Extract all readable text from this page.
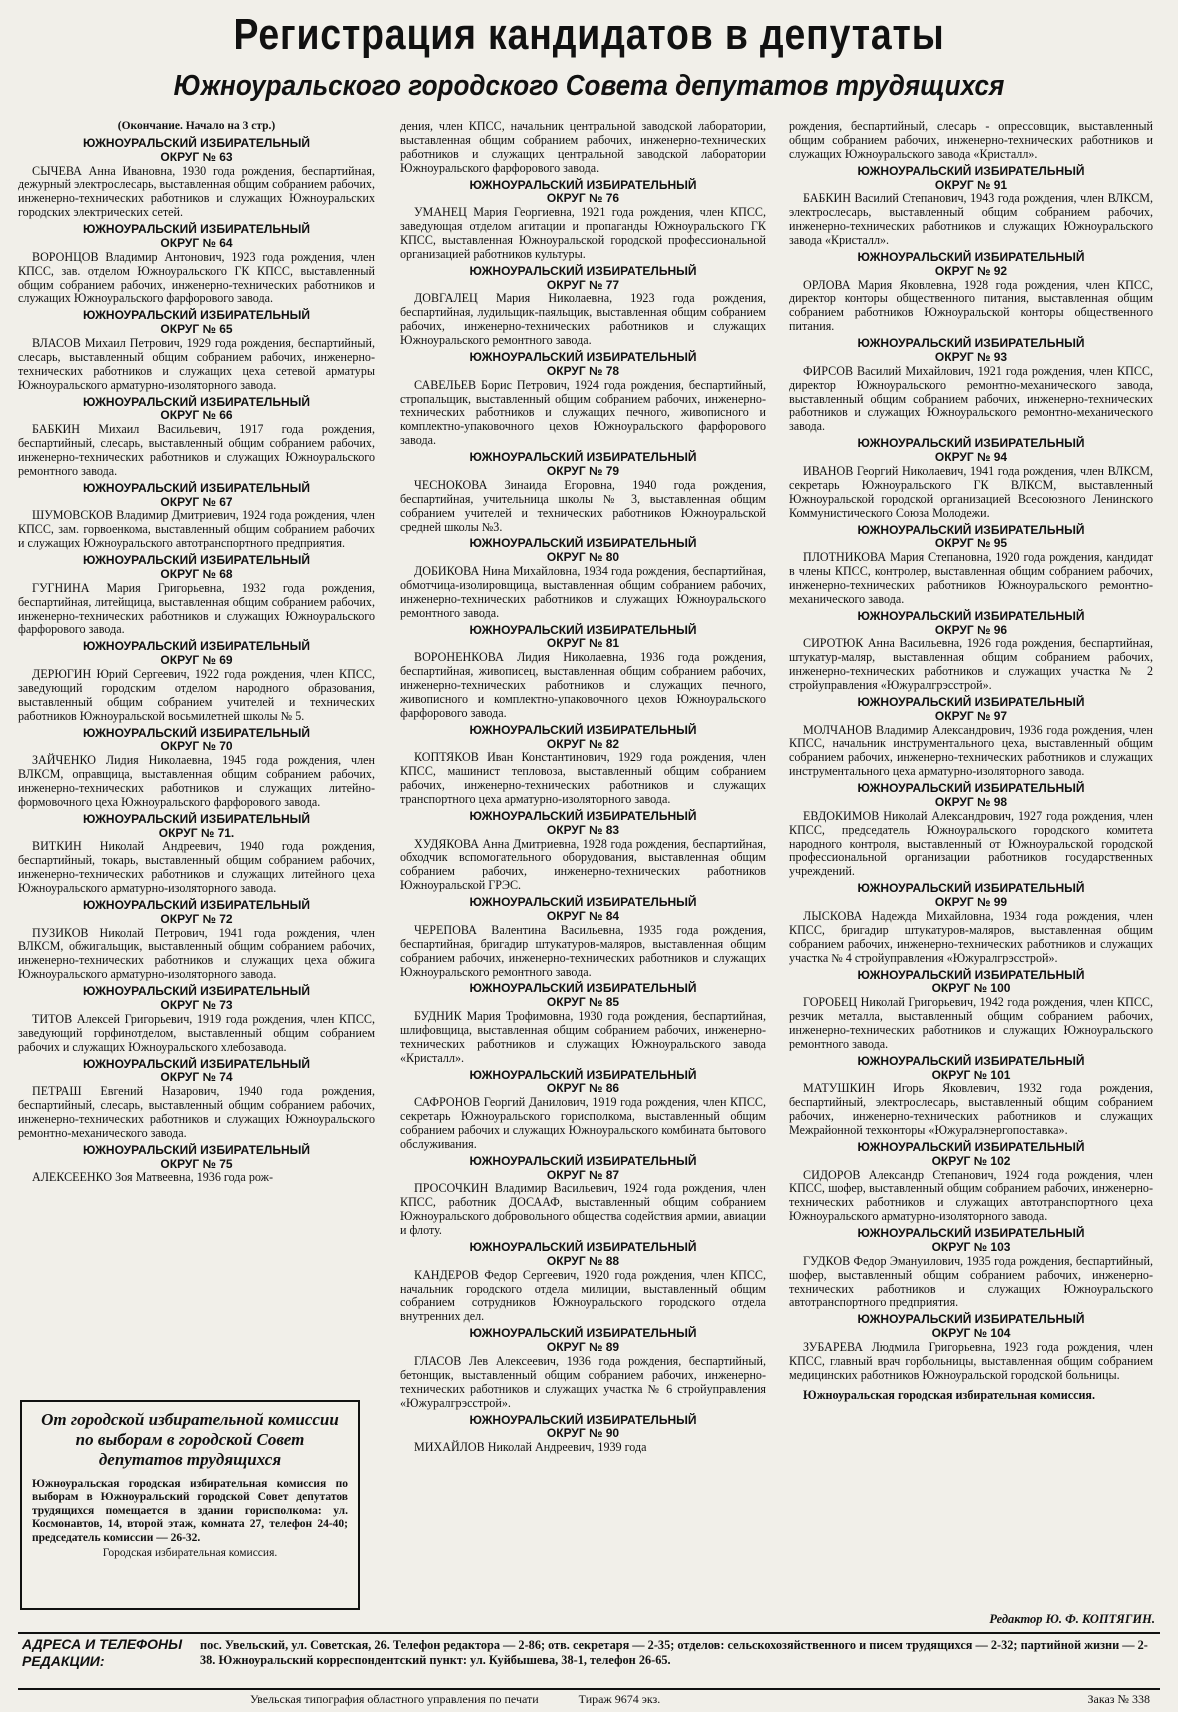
Регистрация кандидатов в депутаты
Южноуральского городского Совета депутатов трудящихся
(Окончание. Начало на 3 стр.)
ЮЖНОУРАЛЬСКИЙ ИЗБИРАТЕЛЬНЫЙ
ОКРУГ № 63

СЫЧЕВА Анна Ивановна, 1930 года рождения, беспартийная, дежурный электрослесарь, выставленная общим собранием рабочих, инженерно-технических работников и служащих Южноуральских городских электрических сетей.

ЮЖНОУРАЛЬСКИЙ ИЗБИРАТЕЛЬНЫЙ
ОКРУГ № 64

ВОРОНЦОВ Владимир Антонович, 1923 года рождения, член КПСС, зав. отделом Южноуральского ГК КПСС, выставленный общим собранием рабочих, инженерно-технических работников и служащих Южноуральского фарфорового завода.

ЮЖНОУРАЛЬСКИЙ ИЗБИРАТЕЛЬНЫЙ
ОКРУГ № 65

ВЛАСОВ Михаил Петрович, 1929 года рождения, беспартийный, слесарь, выставленный общим собранием рабочих, инженерно-технических работников и служащих цеха сетевой арматуры Южноуральского арматурно-изоляторного завода.

ЮЖНОУРАЛЬСКИЙ ИЗБИРАТЕЛЬНЫЙ
ОКРУГ № 66

БАБКИН Михаил Васильевич, 1917 года рождения, беспартийный, слесарь, выставленный общим собранием рабочих, инженерно-технических работников и служащих Южноуральского ремонтного завода.

ЮЖНОУРАЛЬСКИЙ ИЗБИРАТЕЛЬНЫЙ
ОКРУГ № 67

ШУМОВСКОВ Владимир Дмитриевич, 1924 года рождения, член КПСС, зам. горвоенкома, выставленный общим собранием рабочих и служащих Южноуральского автотранспортного предприятия.

ЮЖНОУРАЛЬСКИЙ ИЗБИРАТЕЛЬНЫЙ
ОКРУГ № 68

ГУГНИНА Мария Григорьевна, 1932 года рождения, беспартийная, литейщица, выставленная общим собранием рабочих, инженерно-технических работников и служащих Южноуральского фарфорового завода.

ЮЖНОУРАЛЬСКИЙ ИЗБИРАТЕЛЬНЫЙ
ОКРУГ № 69

ДЕРЮГИН Юрий Сергеевич, 1922 года рождения, член КПСС, заведующий городским отделом народного образования, выставленный общим собранием учителей и технических работников Южноуральской восьмилетней школы № 5.

ЮЖНОУРАЛЬСКИЙ ИЗБИРАТЕЛЬНЫЙ
ОКРУГ № 70

ЗАЙЧЕНКО Лидия Николаевна, 1945 года рождения, член ВЛКСМ, оправщица, выставленная общим собранием рабочих, инженерно-технических работников и служащих литейно-формовочного цеха Южноуральского фарфорового завода.

ЮЖНОУРАЛЬСКИЙ ИЗБИРАТЕЛЬНЫЙ
ОКРУГ № 71.

ВИТКИН Николай Андреевич, 1940 года рождения, беспартийный, токарь, выставленный общим собранием рабочих, инженерно-технических работников и служащих литейного цеха Южноуральского арматурно-изоляторного завода.

ЮЖНОУРАЛЬСКИЙ ИЗБИРАТЕЛЬНЫЙ
ОКРУГ № 72

ПУЗИКОВ Николай Петрович, 1941 года рождения, член ВЛКСМ, обжигальщик, выставленный общим собранием рабочих, инженерно-технических работников и служащих цеха обжига Южноуральского арматурно-изоляторного завода.

ЮЖНОУРАЛЬСКИЙ ИЗБИРАТЕЛЬНЫЙ
ОКРУГ № 73

ТИТОВ Алексей Григорьевич, 1919 года рождения, член КПСС, заведующий горфинотделом, выставленный общим собранием рабочих и служащих Южноуральского хлебозавода.

ЮЖНОУРАЛЬСКИЙ ИЗБИРАТЕЛЬНЫЙ
ОКРУГ № 74

ПЕТРАШ Евгений Назарович, 1940 года рождения, беспартийный, слесарь, выставленный общим собранием рабочих, инженерно-технических работников и служащих Южноуральского ремонтно-механического завода.

ЮЖНОУРАЛЬСКИЙ ИЗБИРАТЕЛЬНЫЙ
ОКРУГ № 75

АЛЕКСЕЕНКО Зоя Матвеевна, 1936 года рож-

дения, член КПСС, начальник центральной заводской лаборатории, выставленная общим собранием рабочих, инженерно-технических работников и служащих центральной заводской лаборатории Южноуральского фарфорового завода.

ЮЖНОУРАЛЬСКИЙ ИЗБИРАТЕЛЬНЫЙ
ОКРУГ № 76

УМАНЕЦ Мария Георгиевна, 1921 года рождения, член КПСС, заведующая отделом агитации и пропаганды Южноуральского ГК КПСС, выставленная Южноуральской городской профессиональной организацией работников культуры.

ЮЖНОУРАЛЬСКИЙ ИЗБИРАТЕЛЬНЫЙ
ОКРУГ № 77

ДОВГАЛЕЦ Мария Николаевна, 1923 года рождения, беспартийная, лудильщик-паяльщик, выставленная общим собранием рабочих, инженерно-технических работников и служащих Южноуральского ремонтного завода.

ЮЖНОУРАЛЬСКИЙ ИЗБИРАТЕЛЬНЫЙ
ОКРУГ № 78

САВЕЛЬЕВ Борис Петрович, 1924 года рождения, беспартийный, стропальщик, выставленный общим собранием рабочих, инженерно-технических работников и служащих печного, живописного и комплектно-упаковочного цехов Южноуральского фарфорового завода.

ЮЖНОУРАЛЬСКИЙ ИЗБИРАТЕЛЬНЫЙ
ОКРУГ № 79

ЧЕСНОКОВА Зинаида Егоровна, 1940 года рождения, беспартийная, учительница школы № 3, выставленная общим собранием учителей и технических работников Южноуральской средней школы №3.

ЮЖНОУРАЛЬСКИЙ ИЗБИРАТЕЛЬНЫЙ
ОКРУГ № 80

ДОБИКОВА Нина Михайловна, 1934 года рождения, беспартийная, обмотчица-изолировщица, выставленная общим собранием рабочих, инженерно-технических работников и служащих Южноуральского ремонтного завода.

ЮЖНОУРАЛЬСКИЙ ИЗБИРАТЕЛЬНЫЙ
ОКРУГ № 81

ВОРОНЕНКОВА Лидия Николаевна, 1936 года рождения, беспартийная, живописец, выставленная общим собранием рабочих, инженерно-технических работников и служащих печного, живописного и комплектно-упаковочного цехов Южноуральского фарфорового завода.

ЮЖНОУРАЛЬСКИЙ ИЗБИРАТЕЛЬНЫЙ
ОКРУГ № 82

КОПТЯКОВ Иван Константинович, 1929 года рождения, член КПСС, машинист тепловоза, выставленный общим собранием рабочих, инженерно-технических работников и служащих транспортного цеха арматурно-изоляторного завода.

ЮЖНОУРАЛЬСКИЙ ИЗБИРАТЕЛЬНЫЙ
ОКРУГ № 83

ХУДЯКОВА Анна Дмитриевна, 1928 года рождения, беспартийная, обходчик вспомогательного оборудования, выставленная общим собранием рабочих, инженерно-технических работников Южноуральской ГРЭС.

ЮЖНОУРАЛЬСКИЙ ИЗБИРАТЕЛЬНЫЙ
ОКРУГ № 84

ЧЕРЕПОВА Валентина Васильевна, 1935 года рождения, беспартийная, бригадир штукатуров-маляров, выставленная общим собранием рабочих, инженерно-технических работников и служащих Южноуральского ремонтного завода.

ЮЖНОУРАЛЬСКИЙ ИЗБИРАТЕЛЬНЫЙ
ОКРУГ № 85

БУДНИК Мария Трофимовна, 1930 года рождения, беспартийная, шлифовщица, выставленная общим собранием рабочих, инженерно-технических работников и служащих Южноуральского завода «Кристалл».

ЮЖНОУРАЛЬСКИЙ ИЗБИРАТЕЛЬНЫЙ
ОКРУГ № 86

САФРОНОВ Георгий Данилович, 1919 года рождения, член КПСС, секретарь Южноуральского горисполкома, выставленный общим собранием рабочих и служащих Южноуральского комбината бытового обслуживания.

ЮЖНОУРАЛЬСКИЙ ИЗБИРАТЕЛЬНЫЙ
ОКРУГ № 87

ПРОСОЧКИН Владимир Васильевич, 1924 года рождения, член КПСС, работник ДОСААФ, выставленный общим собранием Южноуральского добровольного общества содействия армии, авиации и флоту.

ЮЖНОУРАЛЬСКИЙ ИЗБИРАТЕЛЬНЫЙ
ОКРУГ № 88

КАНДЕРОВ Федор Сергеевич, 1920 года рождения, член КПСС, начальник городского отдела милиции, выставленный общим собранием сотрудников Южноуральского городского отдела внутренних дел.

ЮЖНОУРАЛЬСКИЙ ИЗБИРАТЕЛЬНЫЙ
ОКРУГ № 89

ГЛАСОВ Лев Алексеевич, 1936 года рождения, беспартийный, бетонщик, выставленный общим собранием рабочих, инженерно-технических работников и служащих участка № 6 стройуправления «Южуралгрэсстрой».

ЮЖНОУРАЛЬСКИЙ ИЗБИРАТЕЛЬНЫЙ
ОКРУГ № 90

МИХАЙЛОВ Николай Андреевич, 1939 года

рождения, беспартийный, слесарь - опрессовщик, выставленный общим собранием рабочих, инженерно-технических работников и служащих Южноуральского завода «Кристалл».

ЮЖНОУРАЛЬСКИЙ ИЗБИРАТЕЛЬНЫЙ
ОКРУГ № 91

БАБКИН Василий Степанович, 1943 года рождения, член ВЛКСМ, электрослесарь, выставленный общим собранием рабочих, инженерно-технических работников и служащих Южноуральского завода «Кристалл».

ЮЖНОУРАЛЬСКИЙ ИЗБИРАТЕЛЬНЫЙ
ОКРУГ № 92

ОРЛОВА Мария Яковлевна, 1928 года рождения, член КПСС, директор конторы общественного питания, выставленная общим собранием работников Южноуральской конторы общественного питания.

ЮЖНОУРАЛЬСКИЙ ИЗБИРАТЕЛЬНЫЙ
ОКРУГ № 93

ФИРСОВ Василий Михайлович, 1921 года рождения, член КПСС, директор Южноуральского ремонтно-механического завода, выставленный общим собранием рабочих, инженерно-технических работников и служащих Южноуральского ремонтно-механического завода.

ЮЖНОУРАЛЬСКИЙ ИЗБИРАТЕЛЬНЫЙ
ОКРУГ № 94

ИВАНОВ Георгий Николаевич, 1941 года рождения, член ВЛКСМ, секретарь Южноуральского ГК ВЛКСМ, выставленный Южноуральской городской организацией Всесоюзного Ленинского Коммунистического Союза Молодежи.

ЮЖНОУРАЛЬСКИЙ ИЗБИРАТЕЛЬНЫЙ
ОКРУГ № 95

ПЛОТНИКОВА Мария Степановна, 1920 года рождения, кандидат в члены КПСС, контролер, выставленная общим собранием рабочих, инженерно-технических работников Южноуральского ремонтно-механического завода.

ЮЖНОУРАЛЬСКИЙ ИЗБИРАТЕЛЬНЫЙ
ОКРУГ № 96

СИРОТЮК Анна Васильевна, 1926 года рождения, беспартийная, штукатур-маляр, выставленная общим собранием рабочих, инженерно-технических работников и служащих участка № 2 стройуправления «Южуралгрэсстрой».

ЮЖНОУРАЛЬСКИЙ ИЗБИРАТЕЛЬНЫЙ
ОКРУГ № 97

МОЛЧАНОВ Владимир Александрович, 1936 года рождения, член КПСС, начальник инструментального цеха, выставленный общим собранием рабочих, инженерно-технических работников и служащих инструментального цеха арматурно-изоляторного завода.

ЮЖНОУРАЛЬСКИЙ ИЗБИРАТЕЛЬНЫЙ
ОКРУГ № 98

ЕВДОКИМОВ Николай Александрович, 1927 года рождения, член КПСС, председатель Южноуральского городского комитета народного контроля, выставленный от Южноуральской городской профессиональной организации работников государственных учреждений.

ЮЖНОУРАЛЬСКИЙ ИЗБИРАТЕЛЬНЫЙ
ОКРУГ № 99

ЛЫСКОВА Надежда Михайловна, 1934 года рождения, член КПСС, бригадир штукатуров-маляров, выставленная общим собранием рабочих, инженерно-технических работников и служащих участка № 4 стройуправления «Южуралгрэсстрой».

ЮЖНОУРАЛЬСКИЙ ИЗБИРАТЕЛЬНЫЙ
ОКРУГ № 100

ГОРОБЕЦ Николай Григорьевич, 1942 года рождения, член КПСС, резчик металла, выставленный общим собранием рабочих, инженерно-технических работников и служащих Южноуральского ремонтного завода.

ЮЖНОУРАЛЬСКИЙ ИЗБИРАТЕЛЬНЫЙ
ОКРУГ № 101

МАТУШКИН Игорь Яковлевич, 1932 года рождения, беспартийный, электрослесарь, выставленный общим собранием рабочих, инженерно-технических работников и служащих Межрайонной техконторы «Южуралэнергопоставка».

ЮЖНОУРАЛЬСКИЙ ИЗБИРАТЕЛЬНЫЙ
ОКРУГ № 102

СИДОРОВ Александр Степанович, 1924 года рождения, член КПСС, шофер, выставленный общим собранием рабочих, инженерно-технических работников и служащих автотранспортного цеха Южноуральского арматурно-изоляторного завода.

ЮЖНОУРАЛЬСКИЙ ИЗБИРАТЕЛЬНЫЙ
ОКРУГ № 103

ГУДКОВ Федор Эмануилович, 1935 года рождения, беспартийный, шофер, выставленный общим собранием рабочих, инженерно-технических работников и служащих Южноуральского автотранспортного предприятия.

ЮЖНОУРАЛЬСКИЙ ИЗБИРАТЕЛЬНЫЙ
ОКРУГ № 104

ЗУБАРЕВА Людмила Григорьевна, 1923 года рождения, член КПСС, главный врач горбольницы, выставленная общим собранием медицинских работников Южноуральской городской больницы.

Южноуральская городская избирательная комиссия.

От городской избирательной комиссии по выборам в городской Совет депутатов трудящихся
Южноуральская городская избирательная комиссия по выборам в Южноуральский городской Совет депутатов трудящихся помещается в здании горисполкома: ул. Космонавтов, 14, второй этаж, комната 27, телефон 24-40; председатель комиссии — 26-32.
Городская избирательная комиссия.
Редактор Ю. Ф. КОПТЯГИН.
АДРЕСА И ТЕЛЕФОНЫ РЕДАКЦИИ:
пос. Увельский, ул. Советская, 26. Телефон редактора — 2-86; отв. секретаря — 2-35; отделов: сельскохозяйственного и писем трудящихся — 2-32; партийной жизни — 2-38. Южноуральский корреспондентский пункт: ул. Куйбышева, 38-1, телефон 26-65.
Увельская типография областного управления по печати	Тираж 9674 экз.	Заказ № 338
